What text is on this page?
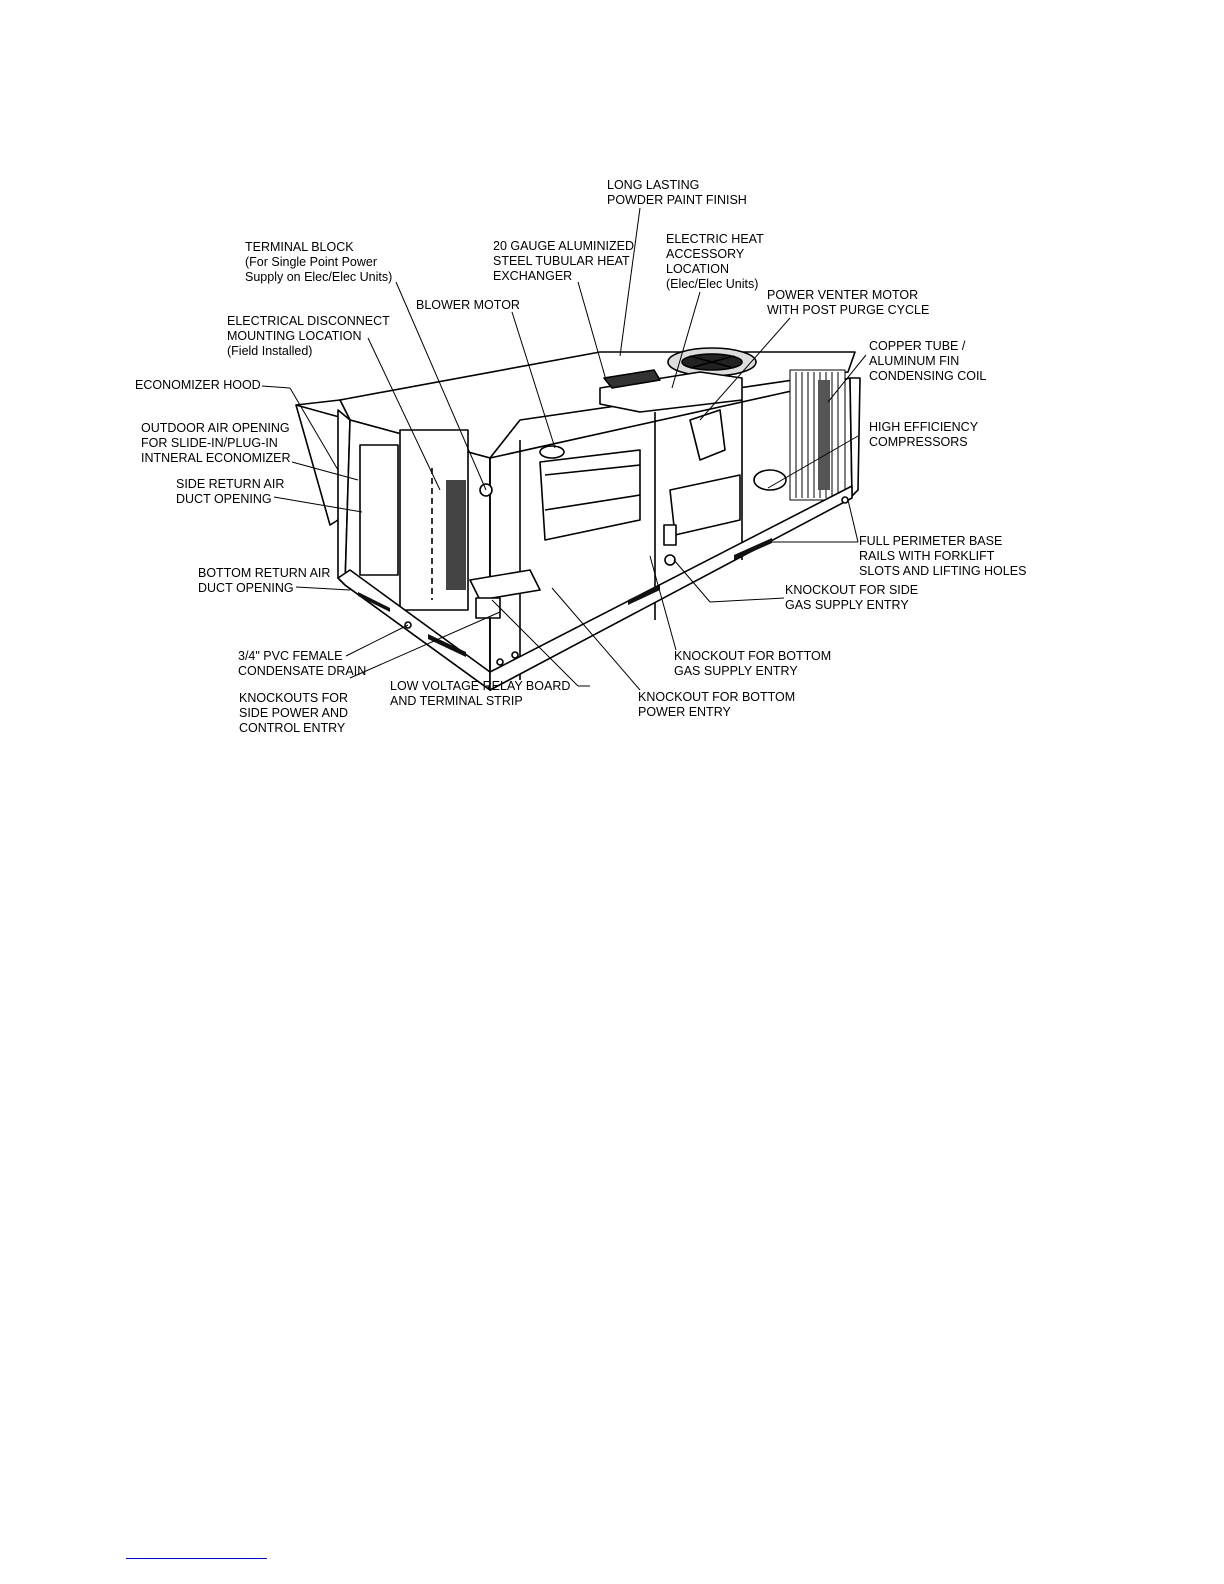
LONG LASTING
POWDER PAINT FINISH
TERMINAL BLOCK
(For Single Point Power
Supply on Elec/Elec Units)
20 GAUGE ALUMINIZED
STEEL TUBULAR HEAT
EXCHANGER
ELECTRIC HEAT
ACCESSORY
LOCATION
(Elec/Elec Units)
POWER VENTER MOTOR
WITH POST PURGE CYCLE
BLOWER MOTOR
ELECTRICAL DISCONNECT
MOUNTING LOCATION
(Field Installed)	COPPER TUBE /
ALUMINUM FIN
CONDENSING COIL
ECONOMIZER HOOD
OUTDOOR AIR OPENING
FOR SLIDE-IN/PLUG-IN
INTNERAL ECONOMIZER
HIGH EFFICIENCY
COMPRESSORS
SIDE RETURN AIR
DUCT OPENING
FULL PERIMETER BASE
RAILS WITH FORKLIFT
SLOTS AND LIFTING HOLES
BOTTOM RETURN AIR
DUCT OPENING	KNOCKOUT FOR SIDE
GAS SUPPLY ENTRY
3/4" PVC FEMALE
CONDENSATE DRAIN
KNOCKOUT FOR BOTTOM
GAS SUPPLY ENTRY
KNOCKOUTS FOR
SIDE POWER AND
CONTROL ENTRY
LOW VOLTAGE RELAY BOARD
AND TERMINAL STRIP	KNOCKOUT FOR BOTTOM
POWER ENTRY
